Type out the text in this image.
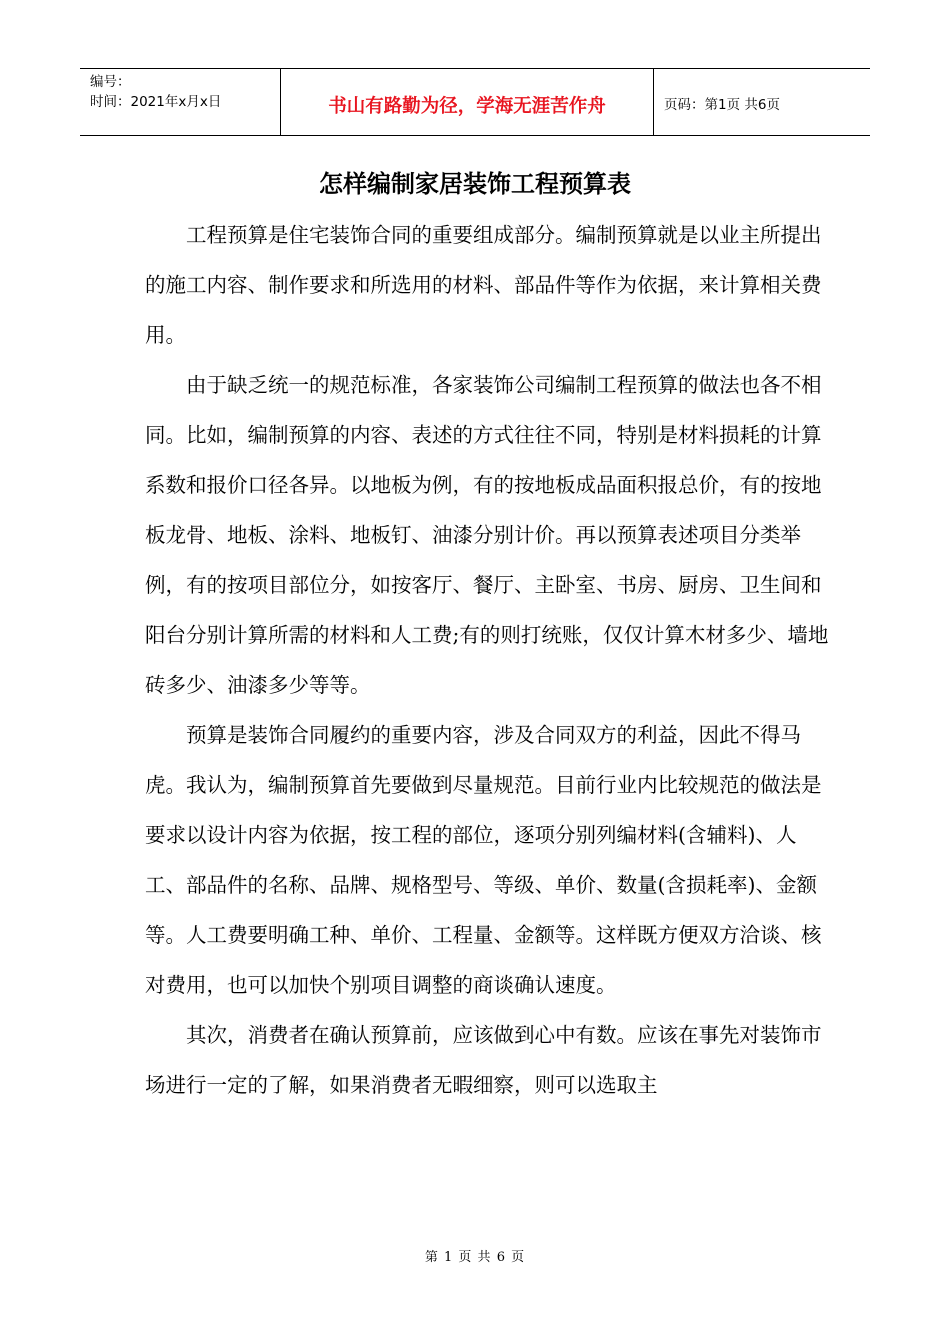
编号：
时间：2021年x月x日	书山有路勤为径，学海无涯苦作舟	页码：第1页 共6页
怎样编制家居装饰工程预算表

工程预算是住宅装饰合同的重要组成部分。编制预算就是以业主所提出的施工内容、制作要求和所选用的材料、部品件等作为依据，来计算相关费用。

由于缺乏统一的规范标准，各家装饰公司编制工程预算的做法也各不相同。比如，编制预算的内容、表述的方式往往不同，特别是材料损耗的计算系数和报价口径各异。以地板为例，有的按地板成品面积报总价，有的按地板龙骨、地板、涂料、地板钉、油漆分别计价。再以预算表述项目分类举例，有的按项目部位分，如按客厅、餐厅、主卧室、书房、厨房、卫生间和阳台分别计算所需的材料和人工费;有的则打统账，仅仅计算木材多少、墙地砖多少、油漆多少等等。

预算是装饰合同履约的重要内容，涉及合同双方的利益，因此不得马虎。我认为，编制预算首先要做到尽量规范。目前行业内比较规范的做法是要求以设计内容为依据，按工程的部位，逐项分别列编材料(含辅料)、人工、部品件的名称、品牌、规格型号、等级、单价、数量(含损耗率)、金额等。人工费要明确工种、单价、工程量、金额等。这样既方便双方洽谈、核对费用，也可以加快个别项目调整的商谈确认速度。

其次，消费者在确认预算前，应该做到心中有数。应该在事先对装饰市场进行一定的了解，如果消费者无暇细察，则可以选取主

第 1 页 共 6 页
